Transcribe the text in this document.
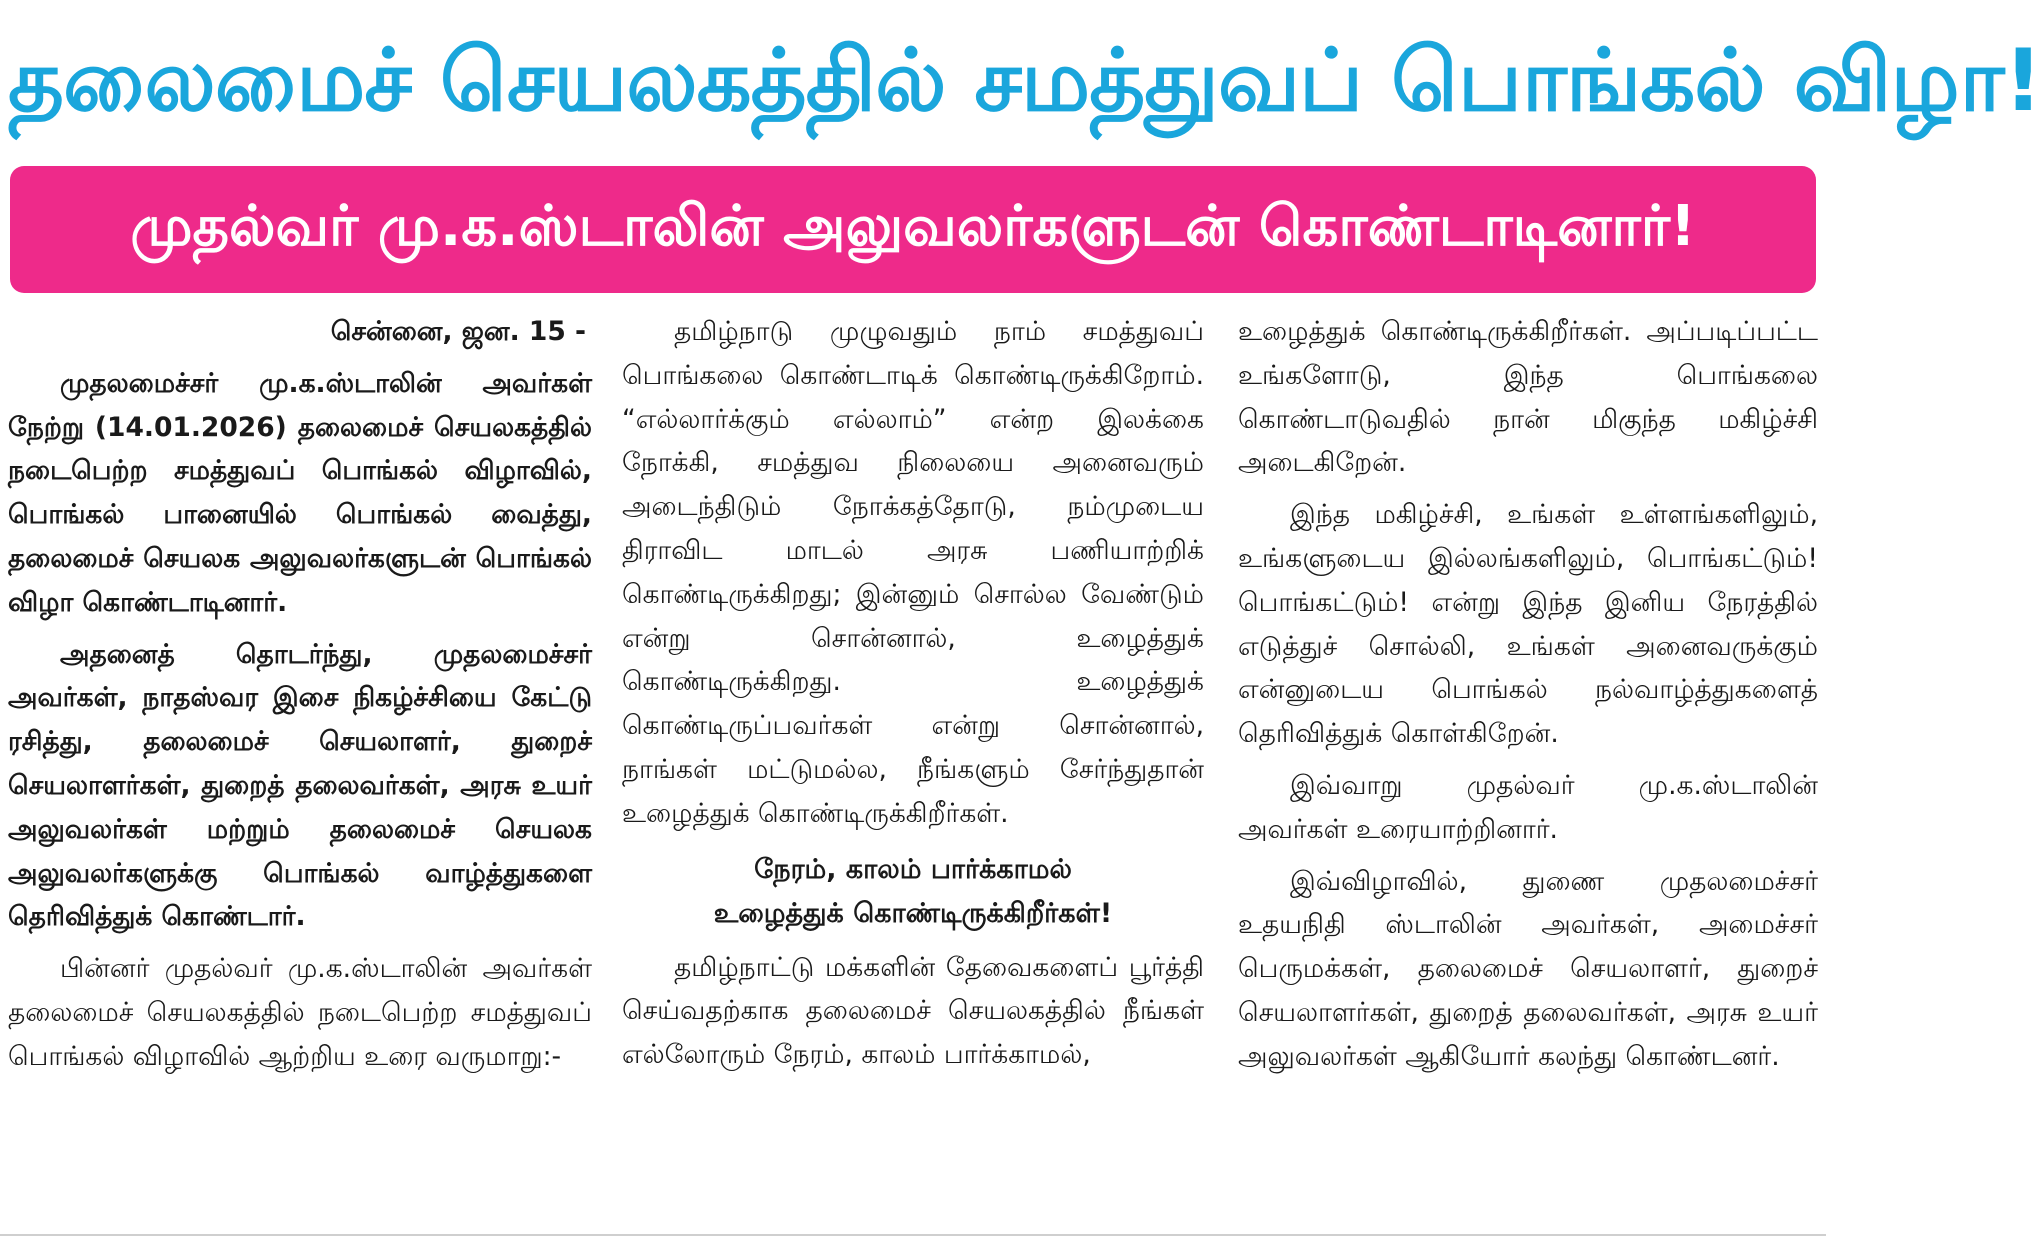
தலைமைச் செயலகத்தில் சமத்துவப் பொங்கல் விழா!
முதல்வர் மு.க.ஸ்டாலின் அலுவலர்களுடன் கொண்டாடினார்!

சென்னை, ஜன. 15 -

முதலமைச்சர் மு.க.ஸ்டாலின் அவர்கள் நேற்று (14.01.2026) தலைமைச் செயலகத்தில் நடைபெற்ற சமத்துவப் பொங்கல் விழாவில், பொங்கல் பானையில் பொங்கல் வைத்து, தலைமைச் செயலக அலுவலர்களுடன் பொங்கல் விழா கொண்டாடினார்.

அதனைத் தொடர்ந்து, முதலமைச்சர் அவர்கள், நாதஸ்வர இசை நிகழ்ச்சியை கேட்டு ரசித்து, தலைமைச் செயலாளர், துறைச் செயலாளர்கள், துறைத் தலைவர்கள், அரசு உயர் அலுவலர்கள் மற்றும் தலைமைச் செயலக அலுவலர்களுக்கு பொங்கல் வாழ்த்துகளை தெரிவித்துக் கொண்டார்.

பின்னர் முதல்வர் மு.க.ஸ்டாலின் அவர்கள் தலைமைச் செயலகத்தில் நடைபெற்ற சமத்துவப் பொங்கல் விழாவில் ஆற்றிய உரை வருமாறு:-

தமிழ்நாடு முழுவதும் நாம் சமத்துவப் பொங்கலை கொண்டாடிக் கொண்டிருக்கிறோம். “எல்லார்க்கும் எல்லாம்” என்ற இலக்கை நோக்கி, சமத்துவ நிலையை அனைவரும் அடைந்திடும் நோக்கத்தோடு, நம்முடைய திராவிட மாடல் அரசு பணியாற்றிக் கொண்டிருக்கிறது; இன்னும் சொல்ல வேண்டும் என்று சொன்னால், உழைத்துக் கொண்டிருக்கிறது. உழைத்துக் கொண்டிருப்பவர்கள் என்று சொன்னால், நாங்கள் மட்டுமல்ல, நீங்களும் சேர்ந்துதான் உழைத்துக் கொண்டிருக்கிறீர்கள்.

நேரம், காலம் பார்க்காமல்
உழைத்துக் கொண்டிருக்கிறீர்கள்!

தமிழ்நாட்டு மக்களின் தேவைகளைப் பூர்த்தி செய்வதற்காக தலைமைச் செயலகத்தில் நீங்கள் எல்லோரும் நேரம், காலம் பார்க்காமல்,

உழைத்துக் கொண்டிருக்கிறீர்கள். அப்படிப்பட்ட உங்களோடு, இந்த பொங்கலை கொண்டாடுவதில் நான் மிகுந்த மகிழ்ச்சி அடைகிறேன்.

இந்த மகிழ்ச்சி, உங்கள் உள்ளங்களிலும், உங்களுடைய இல்லங்களிலும், பொங்கட்டும்! பொங்கட்டும்! என்று இந்த இனிய நேரத்தில் எடுத்துச் சொல்லி, உங்கள் அனைவருக்கும் என்னுடைய பொங்கல் நல்வாழ்த்துகளைத் தெரிவித்துக் கொள்கிறேன்.

இவ்வாறு முதல்வர் மு.க.ஸ்டாலின் அவர்கள் உரையாற்றினார்.

இவ்விழாவில், துணை முதலமைச்சர் உதயநிதி ஸ்டாலின் அவர்கள், அமைச்சர் பெருமக்கள், தலைமைச் செயலாளர், துறைச் செயலாளர்கள், துறைத் தலைவர்கள், அரசு உயர் அலுவலர்கள் ஆகியோர் கலந்து கொண்டனர்.
